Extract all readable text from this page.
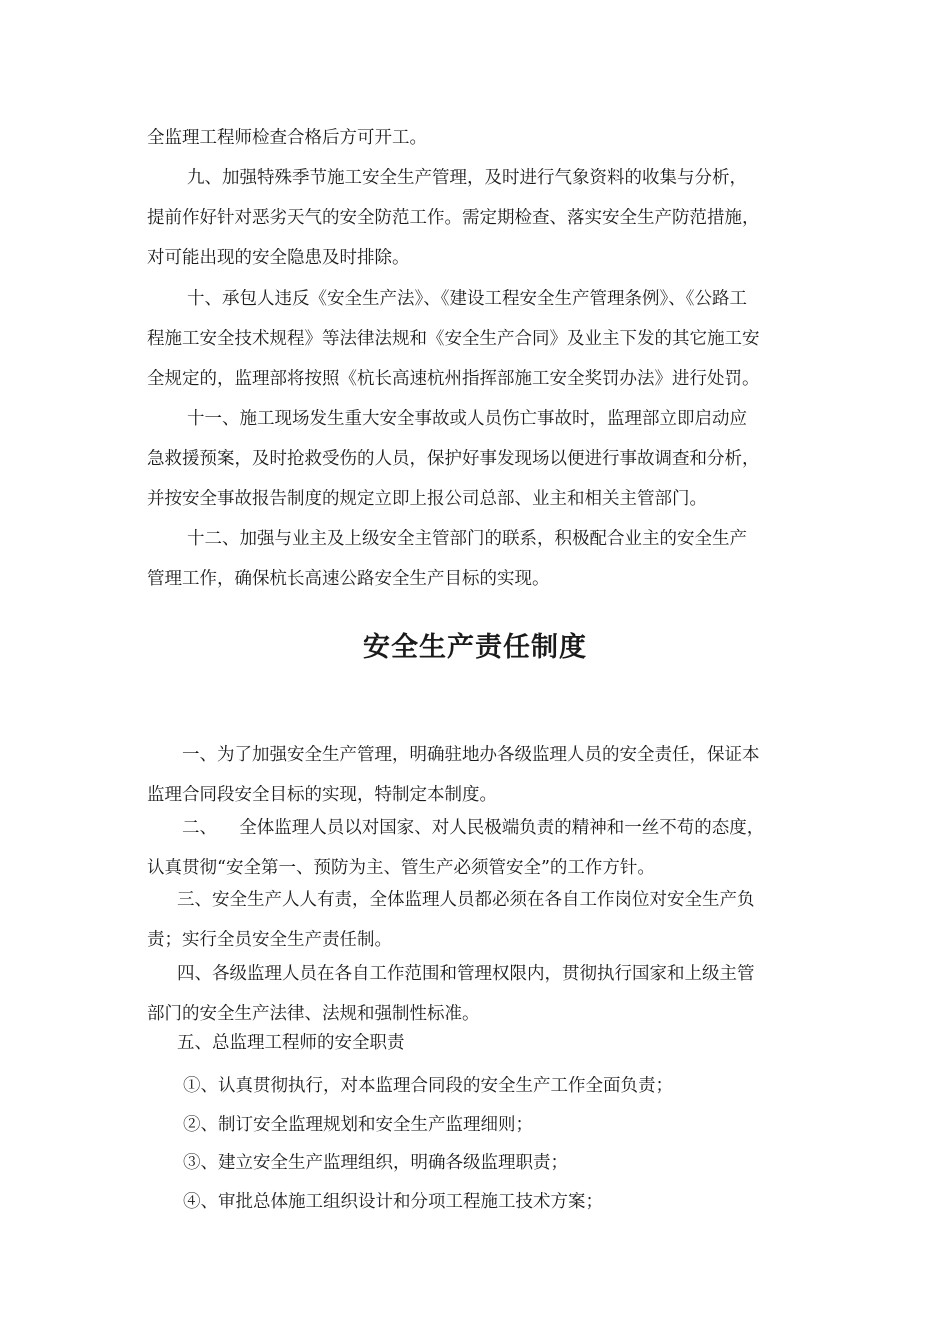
全监理工程师检查合格后方可开工。
九、加强特殊季节施工安全生产管理，及时进行气象资料的收集与分析，
提前作好针对恶劣天气的安全防范工作。需定期检查、落实安全生产防范措施，
对可能出现的安全隐患及时排除。
十、承包人违反《安全生产法》、《建设工程安全生产管理条例》、《公路工
程施工安全技术规程》等法律法规和《安全生产合同》及业主下发的其它施工安
全规定的，监理部将按照《杭长高速杭州指挥部施工安全奖罚办法》进行处罚。
十一、施工现场发生重大安全事故或人员伤亡事故时，监理部立即启动应
急救援预案，及时抢救受伤的人员，保护好事发现场以便进行事故调查和分析，
并按安全事故报告制度的规定立即上报公司总部、业主和相关主管部门。
十二、加强与业主及上级安全主管部门的联系，积极配合业主的安全生产
管理工作，确保杭长高速公路安全生产目标的实现。
安全生产责任制度
一、为了加强安全生产管理，明确驻地办各级监理人员的安全责任，保证本
监理合同段安全目标的实现，特制定本制度。
二、    全体监理人员以对国家、对人民极端负责的精神和一丝不苟的态度，
认真贯彻“安全第一、预防为主、管生产必须管安全”的工作方针。
三、安全生产人人有责，全体监理人员都必须在各自工作岗位对安全生产负
责；实行全员安全生产责任制。
四、各级监理人员在各自工作范围和管理权限内，贯彻执行国家和上级主管
部门的安全生产法律、法规和强制性标准。
五、总监理工程师的安全职责

①、认真贯彻执行，对本监理合同段的安全生产工作全面负责；

②、制订安全监理规划和安全生产监理细则；

③、建立安全生产监理组织，明确各级监理职责；

④、审批总体施工组织设计和分项工程施工技术方案；
